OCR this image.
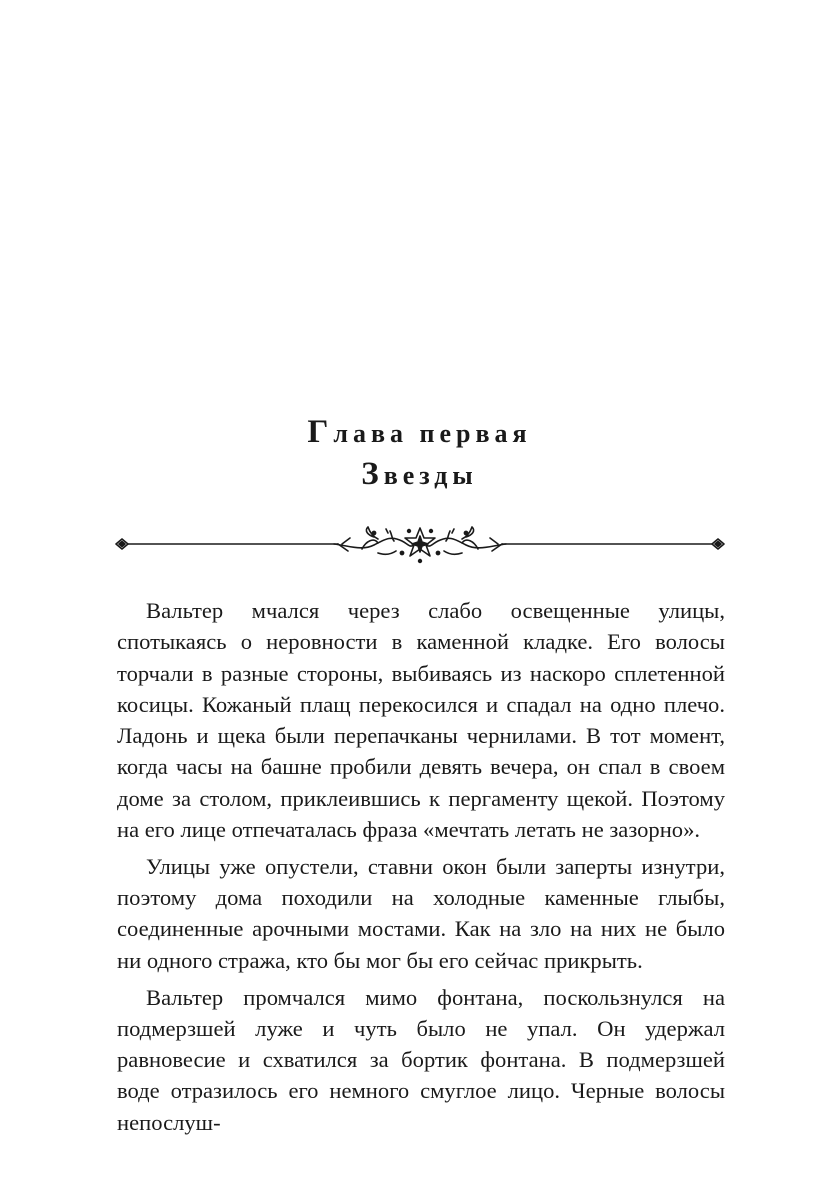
Глава первая
Звезды

Вальтер мчался через слабо освещенные улицы, спотыкаясь о неровности в каменной кладке. Его волосы торчали в разные стороны, выбиваясь из наскоро сплетенной косицы. Кожаный плащ перекосился и спадал на одно плечо. Ладонь и щека были перепачканы чернилами. В тот момент, когда часы на башне пробили девять вечера, он спал в своем доме за столом, приклеившись к пергаменту щекой. Поэтому на его лице отпечаталась фраза «мечтать летать не зазорно».

Улицы уже опустели, ставни окон были заперты изнутри, поэтому дома походили на холодные каменные глыбы, соединенные арочными мостами. Как на зло на них не было ни одного стража, кто бы мог бы его сейчас прикрыть.

Вальтер промчался мимо фонтана, поскользнулся на подмерзшей луже и чуть было не упал. Он удержал равновесие и схватился за бортик фонтана. В подмерзшей воде отразилось его немного смуглое лицо. Черные волосы непослуш-
